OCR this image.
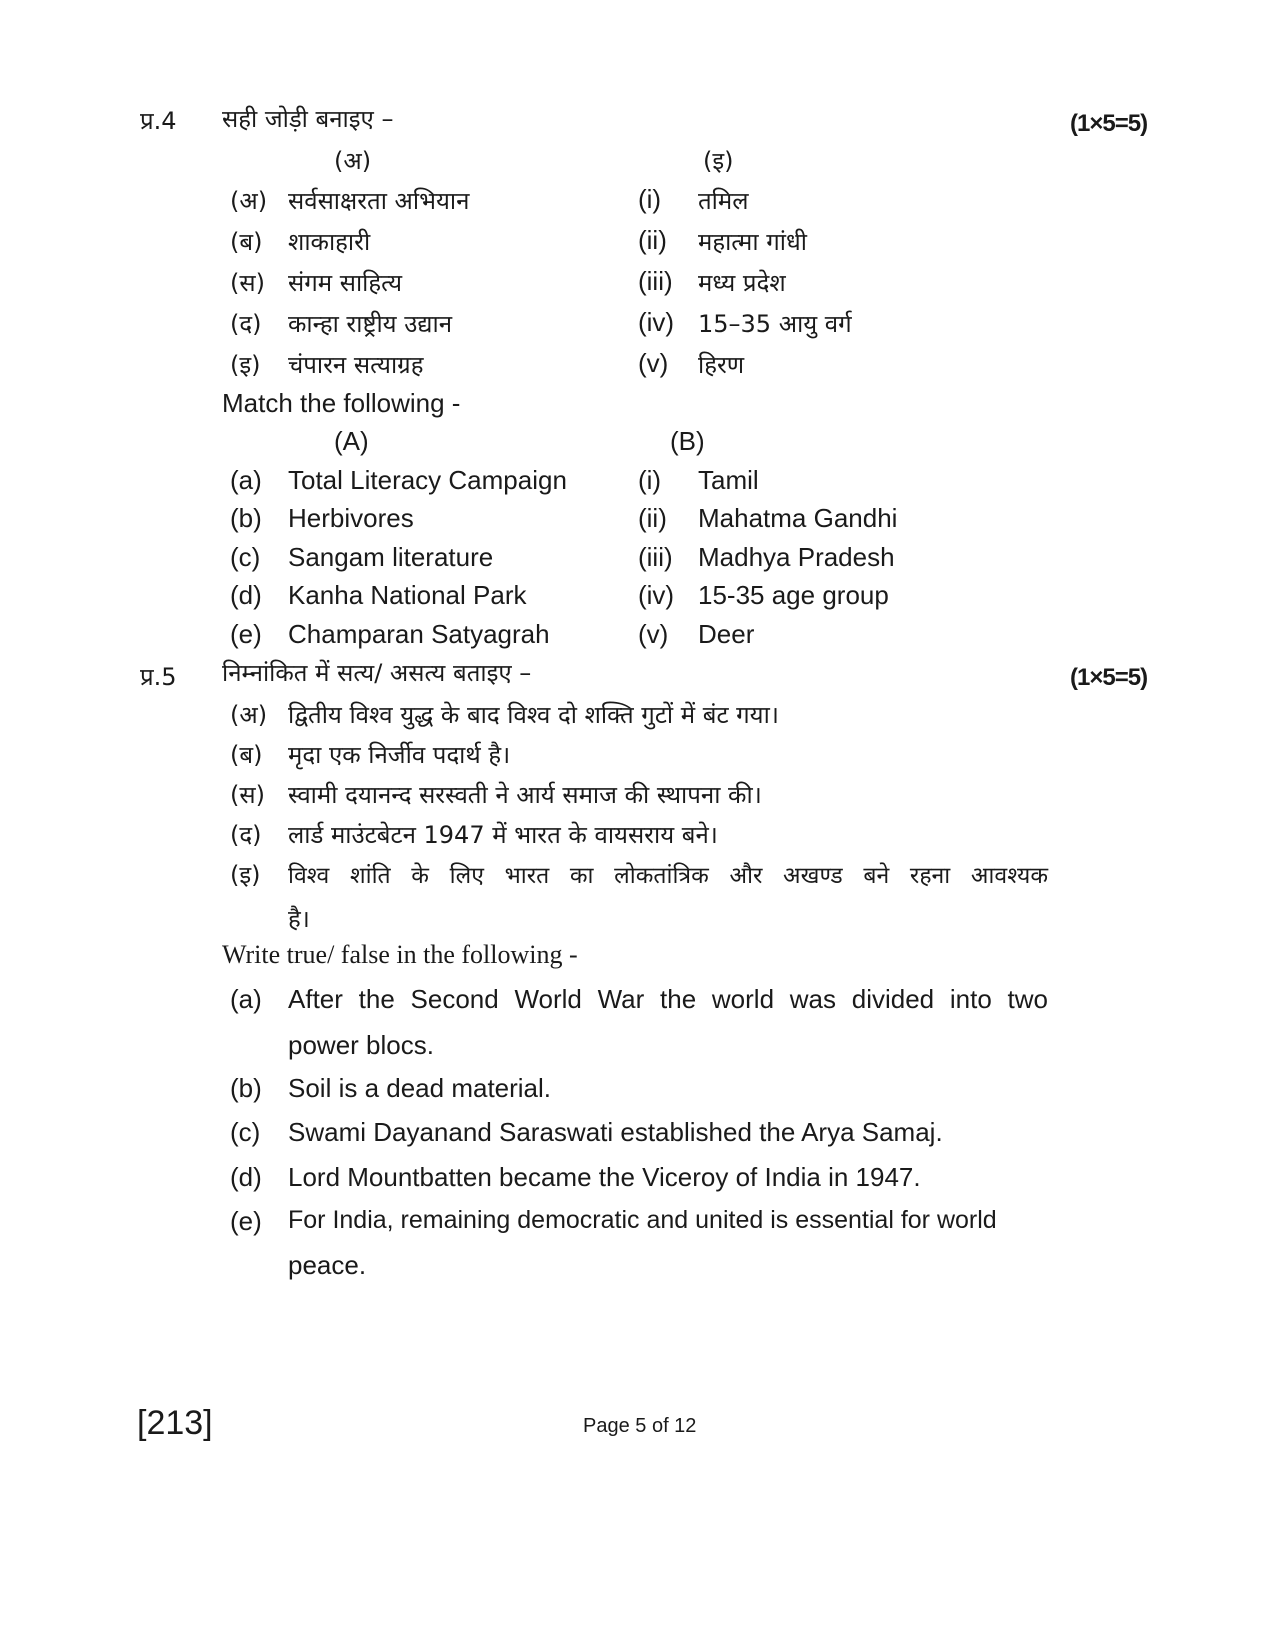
प्र.4 सही जोड़ी बनाइए –	(1×5=5)
(अ)	(इ)
(अ) सर्वसाक्षरता अभियान	(i) तमिल
(ब) शाकाहारी	(ii) महात्मा गांधी
(स) संगम साहित्य	(iii) मध्य प्रदेश
(द) कान्हा राष्ट्रीय उद्यान	(iv) 15–35 आयु वर्ग
(इ) चंपारन सत्याग्रह	(v) हिरण
Match the following -
(A)	(B)
(a) Total Literacy Campaign	(i) Tamil
(b) Herbivores	(ii) Mahatma Gandhi
(c) Sangam literature	(iii) Madhya Pradesh
(d) Kanha National Park	(iv) 15-35 age group
(e) Champaran Satyagrah	(v) Deer
प्र.5 निम्नांकित में सत्य/ असत्य बताइए –	(1×5=5)
(अ) द्वितीय विश्व युद्ध के बाद विश्व दो शक्ति गुटों में बंट गया।
(ब) मृदा एक निर्जीव पदार्थ है।
(स) स्वामी दयानन्द सरस्वती ने आर्य समाज की स्थापना की।
(द) लार्ड माउंटबेटन 1947 में भारत के वायसराय बने।
(इ) विश्व शांति के लिए भारत का लोकतांत्रिक और अखण्ड बने रहना आवश्यक
है।
Write true/ false in the following -
(a) After the Second World War the world was divided into two
power blocs.
(b) Soil is a dead material.
(c) Swami Dayanand Saraswati established the Arya Samaj.
(d) Lord Mountbatten became the Viceroy of India in 1947.
(e) For India, remaining democratic and united is essential for world
peace.
[213]	Page 5 of 12
